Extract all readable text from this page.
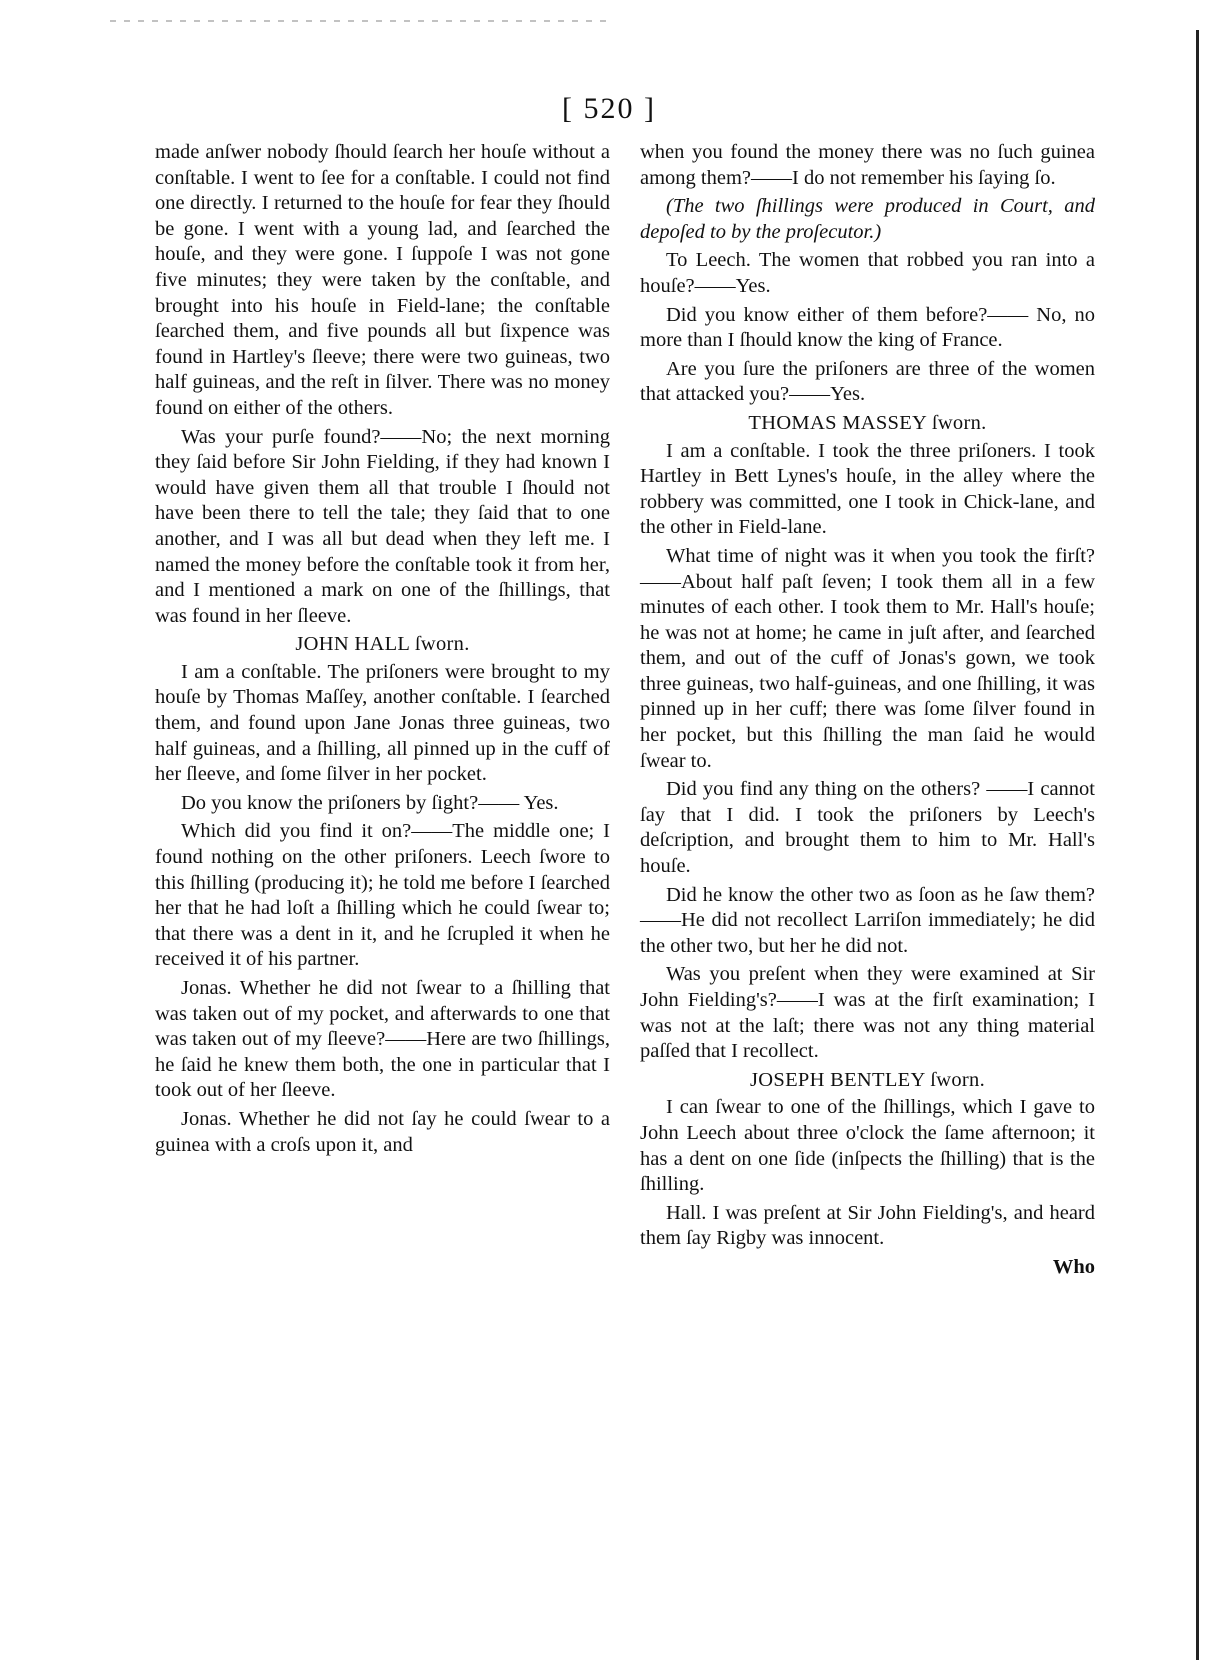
[ 520 ]

made anſwer nobody ſhould ſearch her houſe without a conſtable. I went to ſee for a conſtable. I could not find one directly. I returned to the houſe for fear they ſhould be gone. I went with a young lad, and ſearched the houſe, and they were gone. I ſuppoſe I was not gone five minutes; they were taken by the conſtable, and brought into his houſe in Field-lane; the conſtable ſearched them, and five pounds all but ſixpence was found in Hartley's ſleeve; there were two guineas, two half guineas, and the reſt in ſilver. There was no money found on either of the others.

Was your purſe found?——No; the next morning they ſaid before Sir John Fielding, if they had known I would have given them all that trouble I ſhould not have been there to tell the tale; they ſaid that to one another, and I was all but dead when they left me. I named the money before the conſtable took it from her, and I mentioned a mark on one of the ſhillings, that was found in her ſleeve.

JOHN HALL ſworn.

I am a conſtable. The priſoners were brought to my houſe by Thomas Maſſey, another conſtable. I ſearched them, and found upon Jane Jonas three guineas, two half guineas, and a ſhilling, all pinned up in the cuff of her ſleeve, and ſome ſilver in her pocket.

Do you know the priſoners by ſight?—— Yes.

Which did you find it on?——The middle one; I found nothing on the other priſoners. Leech ſwore to this ſhilling (producing it); he told me before I ſearched her that he had loſt a ſhilling which he could ſwear to; that there was a dent in it, and he ſcrupled it when he received it of his partner.

Jonas. Whether he did not ſwear to a ſhilling that was taken out of my pocket, and afterwards to one that was taken out of my ſleeve?——Here are two ſhillings, he ſaid he knew them both, the one in particular that I took out of her ſleeve.

Jonas. Whether he did not ſay he could ſwear to a guinea with a croſs upon it, and

when you found the money there was no ſuch guinea among them?——I do not remember his ſaying ſo.

(The two ſhillings were produced in Court, and depoſed to by the proſecutor.)

To Leech. The women that robbed you ran into a houſe?——Yes.

Did you know either of them before?—— No, no more than I ſhould know the king of France.

Are you ſure the priſoners are three of the women that attacked you?——Yes.

THOMAS MASSEY ſworn.

I am a conſtable. I took the three priſoners. I took Hartley in Bett Lynes's houſe, in the alley where the robbery was committed, one I took in Chick-lane, and the other in Field-lane.

What time of night was it when you took the firſt?——About half paſt ſeven; I took them all in a few minutes of each other. I took them to Mr. Hall's houſe; he was not at home; he came in juſt after, and ſearched them, and out of the cuff of Jonas's gown, we took three guineas, two half-guineas, and one ſhilling, it was pinned up in her cuff; there was ſome ſilver found in her pocket, but this ſhilling the man ſaid he would ſwear to.

Did you find any thing on the others? ——I cannot ſay that I did. I took the priſoners by Leech's deſcription, and brought them to him to Mr. Hall's houſe.

Did he know the other two as ſoon as he ſaw them?——He did not recollect Larriſon immediately; he did the other two, but her he did not.

Was you preſent when they were examined at Sir John Fielding's?——I was at the firſt examination; I was not at the laſt; there was not any thing material paſſed that I recollect.

JOSEPH BENTLEY ſworn.

I can ſwear to one of the ſhillings, which I gave to John Leech about three o'clock the ſame afternoon; it has a dent on one ſide (inſpects the ſhilling) that is the ſhilling.

Hall. I was preſent at Sir John Fielding's, and heard them ſay Rigby was innocent.

Who
